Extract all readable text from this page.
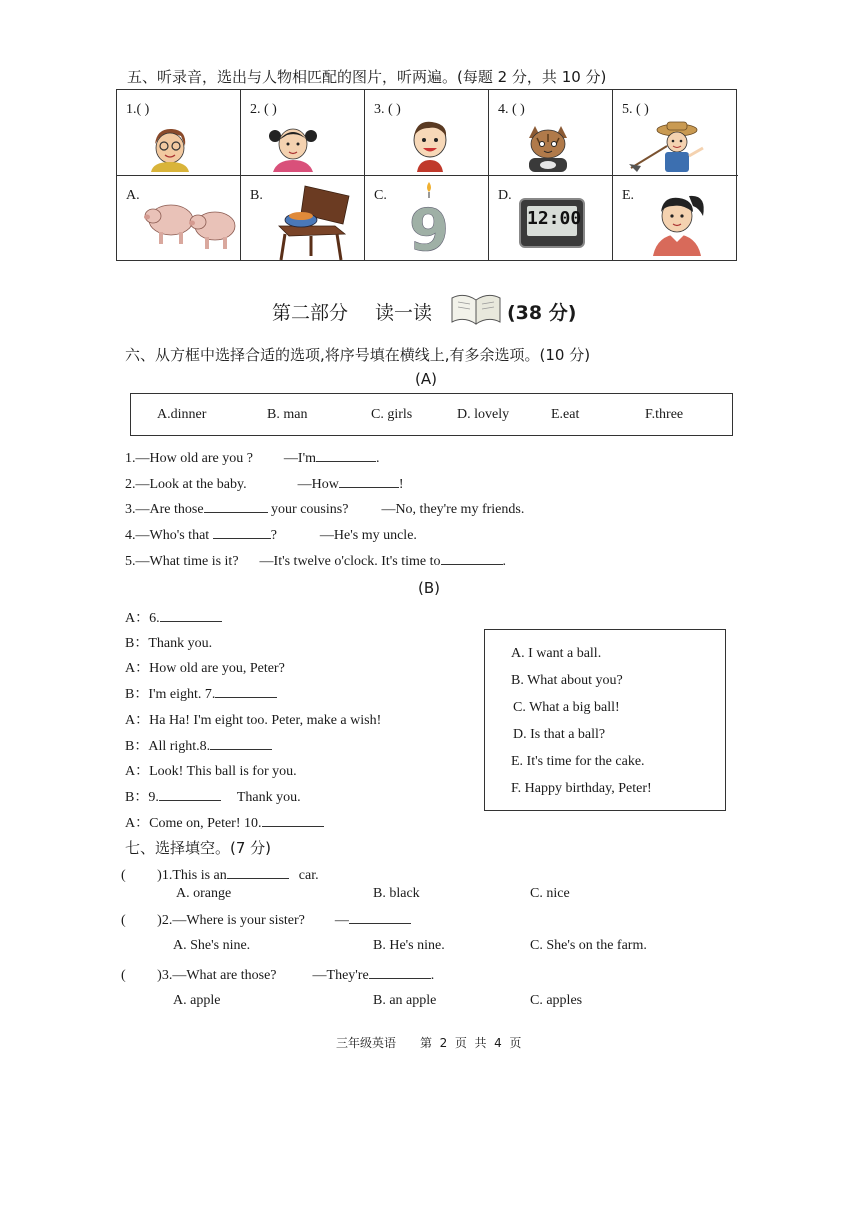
五、听录音，选出与人物相匹配的图片，听两遍。(每题 2 分，共 10 分)
1.( )	2. ( )	3. ( )	4. ( )	5. ( )
A.	B.	C.
9
D.
12:00
E.
第二部分 读一读	(38 分)
六、从方框中选择合适的选项,将序号填在横线上,有多余选项。(10 分)
(A)
A.dinner	B. man	C. girls	D. lovely	E.eat	F.three
1.—How old are you ? —I'm	.
2.—Look at the baby.	—How	!
3.—Are those	your cousins? —No, they're my friends.
4.—Who's that	?	—He's my uncle.
5.—What time is it? —It's twelve o'clock. It's time to	.
(B)
A：6.
B：Thank you.
A：How old are you, Peter?
B：I'm eight. 7.
A：Ha Ha! I'm eight too. Peter, make a wish!
B：All right.8.
A：Look! This ball is for you.
B：9.	Thank you.
A：Come on, Peter! 10.
A. I want a ball.
B. What about you?
C. What a big ball!
D. Is that a ball?
E. It's time for the cake.
F. Happy birthday, Peter!
七、选择填空。(7 分)
(         )1.This is an	car.
A. orange	B. black	C. nice
(         )2.—Where is your sister? —
A. She's nine.	B. He's nine.	C. She's on the farm.
(         )3.—What are those?	—They're	.
A. apple	B. an apple	C. apples
三年级英语 第  2  页  共  4  页
